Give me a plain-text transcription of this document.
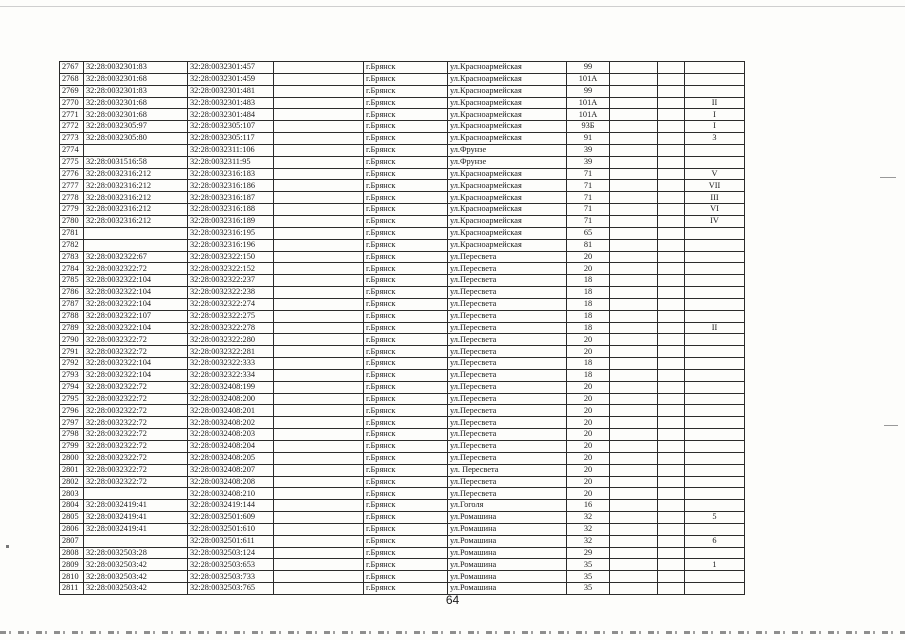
2767	32:28:0032301:83	32:28:0032301:457		г.Брянск	ул.Красноармейская	99			
2768	32:28:0032301:68	32:28:0032301:459		г.Брянск	ул.Красноармейская	101А			
2769	32:28:0032301:83	32:28:0032301:481		г.Брянск	ул.Красноармейская	99			
2770	32:28:0032301:68	32:28:0032301:483		г.Брянск	ул.Красноармейская	101А			II
2771	32:28:0032301:68	32:28:0032301:484		г.Брянск	ул.Красноармейская	101А			I
2772	32:28:0032305:97	32:28:0032305:107		г.Брянск	ул.Красноармейская	93Б			I
2773	32:28:0032305:80	32:28:0032305:117		г.Брянск	ул.Красноармейская	91			3
2774		32:28:0032311:106		г.Брянск	ул.Фрунзе	39			
2775	32:28:0031516:58	32:28:0032311:95		г.Брянск	ул.Фрунзе	39			
2776	32:28:0032316:212	32:28:0032316:183		г.Брянск	ул.Красноармейская	71			V
2777	32:28:0032316:212	32:28:0032316:186		г.Брянск	ул.Красноармейская	71			VII
2778	32:28:0032316:212	32:28:0032316:187		г.Брянск	ул.Красноармейская	71			III
2779	32:28:0032316:212	32:28:0032316:188		г.Брянск	ул.Красноармейская	71			VI
2780	32:28:0032316:212	32:28:0032316:189		г.Брянск	ул.Красноармейская	71			IV
2781		32:28:0032316:195		г.Брянск	ул.Красноармейская	65			
2782		32:28:0032316:196		г.Брянск	ул.Красноармейская	81			
2783	32:28:0032322:67	32:28:0032322:150		г.Брянск	ул.Пересвета	20			
2784	32:28:0032322:72	32:28:0032322:152		г.Брянск	ул.Пересвета	20			
2785	32:28:0032322:104	32:28:0032322:237		г.Брянск	ул.Пересвета	18			
2786	32:28:0032322:104	32:28:0032322:238		г.Брянск	ул.Пересвета	18			
2787	32:28:0032322:104	32:28:0032322:274		г.Брянск	ул.Пересвета	18			
2788	32:28:0032322:107	32:28:0032322:275		г.Брянск	ул.Пересвета	18			
2789	32:28:0032322:104	32:28:0032322:278		г.Брянск	ул.Пересвета	18			II
2790	32:28:0032322:72	32:28:0032322:280		г.Брянск	ул.Пересвета	20			
2791	32:28:0032322:72	32:28:0032322:281		г.Брянск	ул.Пересвета	20			
2792	32:28:0032322:104	32:28:0032322:333		г.Брянск	ул.Пересвета	18			
2793	32:28:0032322:104	32:28:0032322:334		г.Брянск	ул.Пересвета	18			
2794	32:28:0032322:72	32:28:0032408:199		г.Брянск	ул.Пересвета	20			
2795	32:28:0032322:72	32:28:0032408:200		г.Брянск	ул.Пересвета	20			
2796	32:28:0032322:72	32:28:0032408:201		г.Брянск	ул.Пересвета	20			
2797	32:28:0032322:72	32:28:0032408:202		г.Брянск	ул.Пересвета	20			
2798	32:28:0032322:72	32:28:0032408:203		г.Брянск	ул.Пересвета	20			
2799	32:28:0032322:72	32:28:0032408:204		г.Брянск	ул.Пересвета	20			
2800	32:28:0032322:72	32:28:0032408:205		г.Брянск	ул.Пересвета	20			
2801	32:28:0032322:72	32:28:0032408:207		г.Брянск	ул. Пересвета	20			
2802	32:28:0032322:72	32:28:0032408:208		г.Брянск	ул.Пересвета	20			
2803		32:28:0032408:210		г.Брянск	ул.Пересвета	20			
2804	32:28:0032419:41	32:28:0032419:144		г.Брянск	ул.Гоголя	16			
2805	32:28:0032419:41	32:28:0032501:609		г.Брянск	ул.Ромашина	32			5
2806	32:28:0032419:41	32:28:0032501:610		г.Брянск	ул.Ромашина	32			
2807		32:28:0032501:611		г.Брянск	ул.Ромашина	32			6
2808	32:28:0032503:28	32:28:0032503:124		г.Брянск	ул.Ромашина	29			
2809	32:28:0032503:42	32:28:0032503:653		г.Брянск	ул.Ромашина	35			1
2810	32:28:0032503:42	32:28:0032503:733		г.Брянск	ул.Ромашина	35			
2811	32:28:0032503:42	32:28:0032503:765		г.Брянск	ул.Ромашина	35			
64
